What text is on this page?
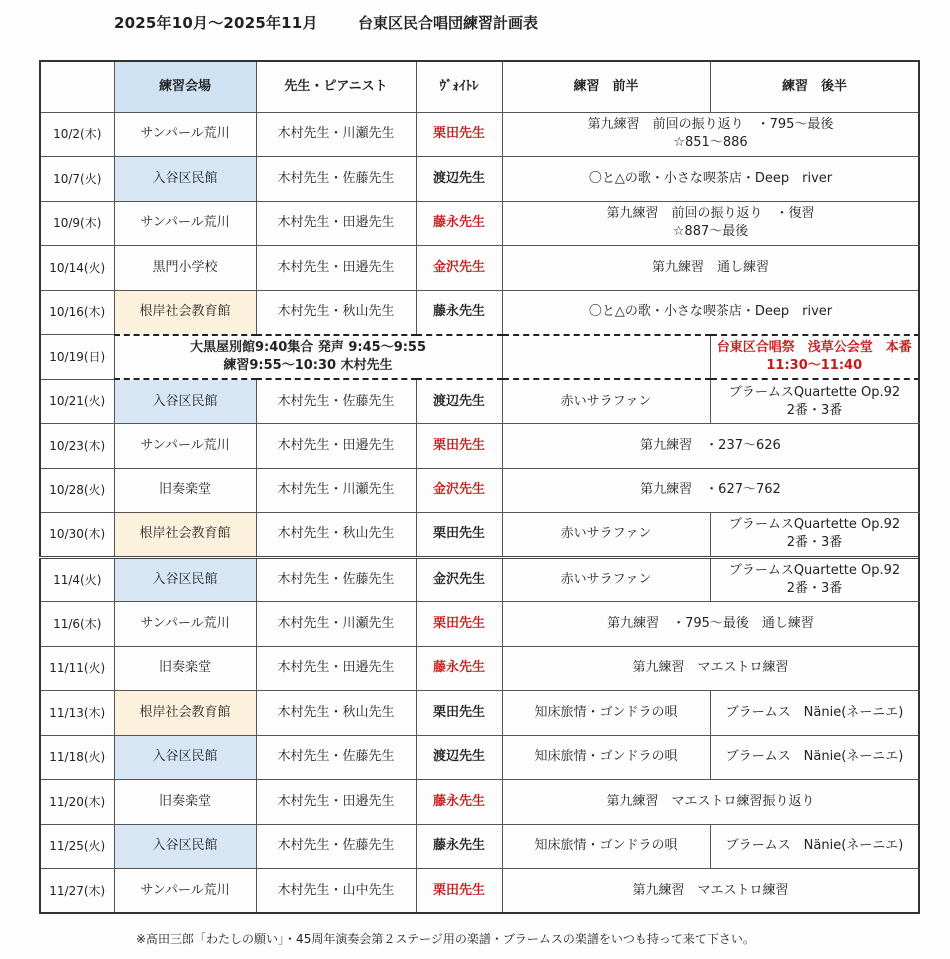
2025年10月～2025年11月	台東区民合唱団練習計画表
	練習会場	先生・ピアニスト	ｳﾞｫｲﾄﾚ	練習　前半	練習　後半
10/2(木)	サンパール荒川	木村先生・川瀬先生	栗田先生	第九練習　前回の振り返り　・795～最後
☆851～886	
10/7(火)	入谷区民館	木村先生・佐藤先生	渡辺先生	〇と△の歌・小さな喫茶店・Deep　river	
10/9(木)	サンパール荒川	木村先生・田邉先生	藤永先生	第九練習　前回の振り返り　・復習
☆887～最後	
10/14(火)	黒門小学校	木村先生・田邉先生	金沢先生	第九練習　通し練習	
10/16(木)	根岸社会教育館	木村先生・秋山先生	藤永先生	〇と△の歌・小さな喫茶店・Deep　river	
10/19(日)	大黒屋別館9:40集合 発声 9:45～9:55
練習9:55～10:30 木村先生				台東区合唱祭　浅草公会堂　本番11:30～11:40
10/21(火)	入谷区民館	木村先生・佐藤先生	渡辺先生	赤いサラファン	ブラームスQuartette Op.92
2番・3番
10/23(木)	サンパール荒川	木村先生・田邉先生	栗田先生	第九練習　・237～626	
10/28(火)	旧奏楽堂	木村先生・川瀬先生	金沢先生	第九練習　・627～762	
10/30(木)	根岸社会教育館	木村先生・秋山先生	栗田先生	赤いサラファン	ブラームスQuartette Op.92
2番・3番
11/4(火)	入谷区民館	木村先生・佐藤先生	金沢先生	赤いサラファン	ブラームスQuartette Op.92
2番・3番
11/6(木)	サンパール荒川	木村先生・川瀬先生	栗田先生	第九練習　・795～最後　通し練習	
11/11(火)	旧奏楽堂	木村先生・田邉先生	藤永先生	第九練習　マエストロ練習	
11/13(木)	根岸社会教育館	木村先生・秋山先生	栗田先生	知床旅情・ゴンドラの唄	ブラームス　Nänie(ネーニエ)
11/18(火)	入谷区民館	木村先生・佐藤先生	渡辺先生	知床旅情・ゴンドラの唄	ブラームス　Nänie(ネーニエ)
11/20(木)	旧奏楽堂	木村先生・田邉先生	藤永先生	第九練習　マエストロ練習振り返り	
11/25(火)	入谷区民館	木村先生・佐藤先生	藤永先生	知床旅情・ゴンドラの唄	ブラームス　Nänie(ネーニエ)
11/27(木)	サンパール荒川	木村先生・山中先生	栗田先生	第九練習　マエストロ練習	
※髙田三郎「わたしの願い」・45周年演奏会第２ステージ用の楽譜・ブラームスの楽譜をいつも持って来て下さい。
